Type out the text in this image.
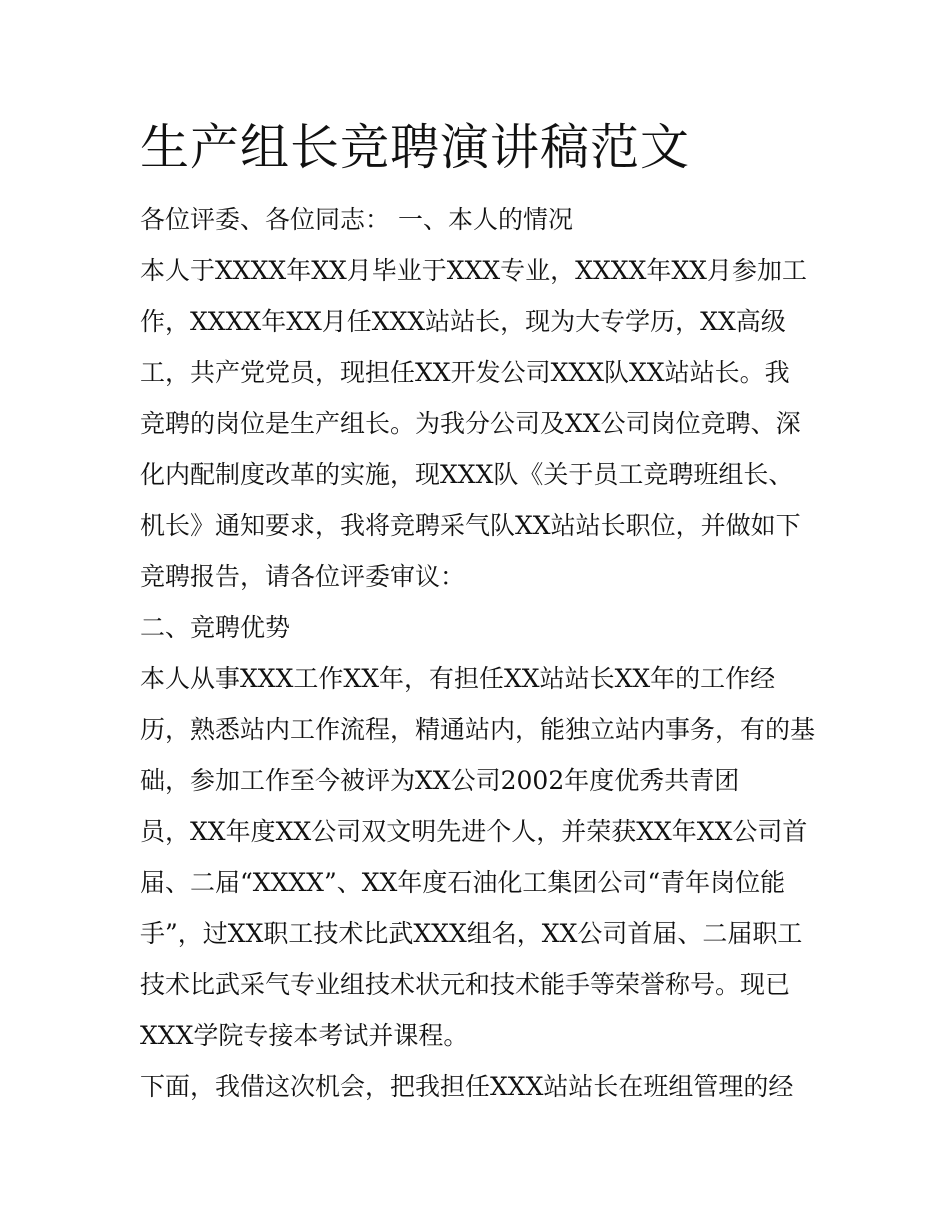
生产组长竞聘演讲稿范文

各位评委、各位同志： 一、本人的情况

本人于XXXX年XX月毕业于XXX专业，XXXX年XX月参加工

作，XXXX年XX月任XXX站站长，现为大专学历，XX高级

工，共产党党员，现担任XX开发公司XXX队XX站站长。我

竞聘的岗位是生产组长。为我分公司及XX公司岗位竞聘、深

化内配制度改革的实施，现XXX队《关于员工竞聘班组长、

机长》通知要求，我将竞聘采气队XX站站长职位，并做如下

竞聘报告，请各位评委审议：

二、竞聘优势

本人从事XXX工作XX年，有担任XX站站长XX年的工作经

历，熟悉站内工作流程，精通站内，能独立站内事务，有的基

础，参加工作至今被评为XX公司2002年度优秀共青团

员，XX年度XX公司双文明先进个人，并荣获XX年XX公司首

届、二届“XXXX”、XX年度石油化工集团公司“青年岗位能

手”，过XX职工技术比武XXX组名，XX公司首届、二届职工

技术比武采气专业组技术状元和技术能手等荣誉称号。现已

XXX学院专接本考试并课程。

下面，我借这次机会，把我担任XXX站站长在班组管理的经
